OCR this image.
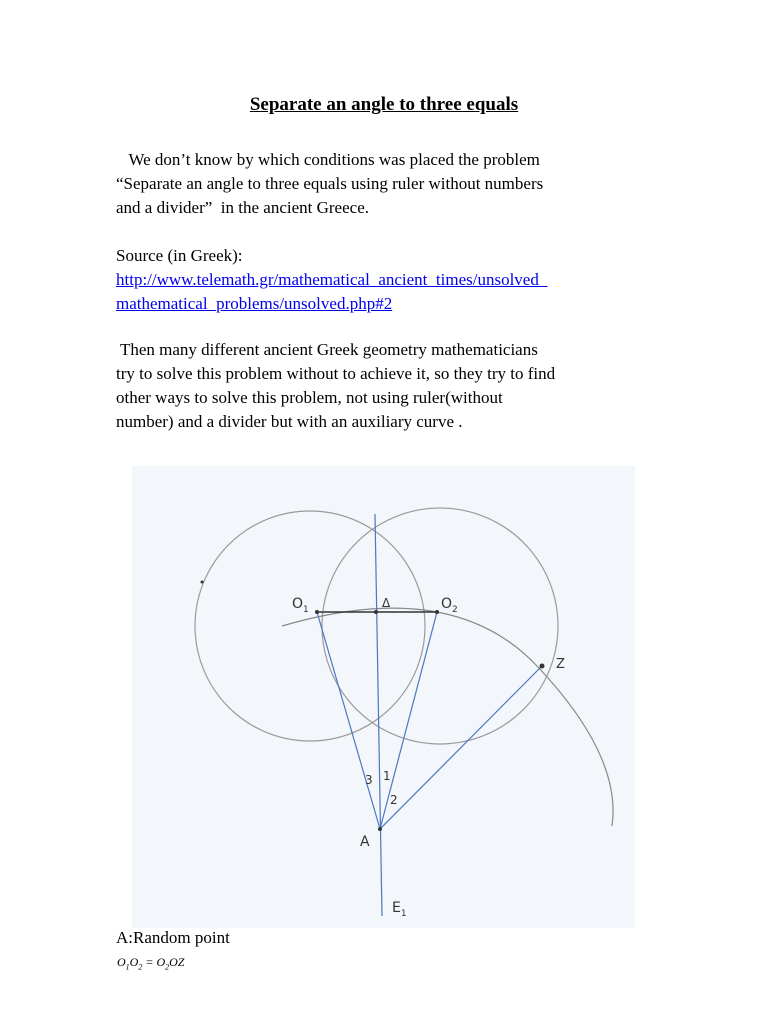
Separate an angle to three equals
We don’t know by which conditions was placed the problem
“Separate an angle to three equals using ruler without numbers
and a divider”  in the ancient Greece.
Source (in Greek):
http://www.telemath.gr/mathematical_ancient_times/unsolved_
mathematical_problems/unsolved.php#2
Then many different ancient Greek geometry mathematicians
try to solve this problem without to achieve it, so they try to find
other ways to solve this problem, not using ruler(without
number) and a divider but with an auxiliary curve .
$O_1$	$O_2$
Δ
Z
A
$E_1$
1
2
3
A:Random point
$O_1O_2 = O_2OZ$
